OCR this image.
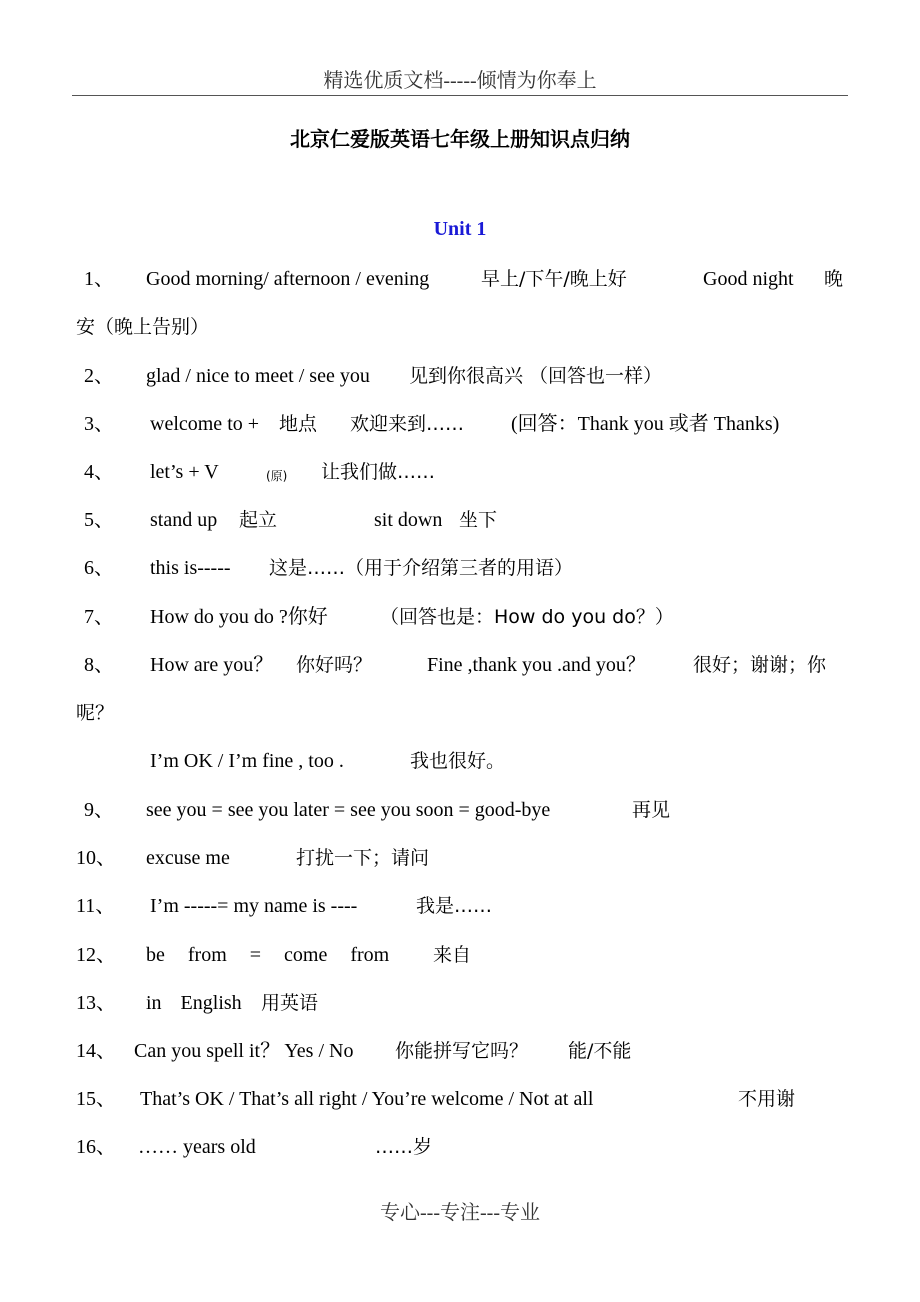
精选优质文档-----倾情为你奉上
北京仁爱版英语七年级上册知识点归纳
Unit 1
1、 Good morning/ afternoon / evening	早上/下午/晚上好	Good night 晚
安（晚上告别）
2、 glad / nice to meet / see you 见到你很高兴 （回答也一样）
3、 welcome to + 地点 欢迎来到…… (回答：Thank you 或者 Thanks)
4、 let’s + V	(原) 让我们做……
5、 stand up 起立	sit down 坐下
6、 this is----- 这是……（用于介绍第三者的用语）
7、 How do you do ?你好	（回答也是：How do you do？）
8、 How are you？ 你好吗？	Fine ,thank you .and you？ 很好；谢谢；你
呢？
I’m OK / I’m fine , too .	我也很好。
9、 see you = see you later = see you soon = good-bye	再见
10、 excuse me	打扰一下；请问
11、 I’m -----= my name is ----	我是……
12、 be from = come from 来自
13、 in English 用英语
14、 Can you spell it？ Yes / No 你能拼写它吗？ 能/不能
15、 That’s OK / That’s all right / You’re welcome / Not at all	不用谢
16、 …… years old	……岁
专心---专注---专业
